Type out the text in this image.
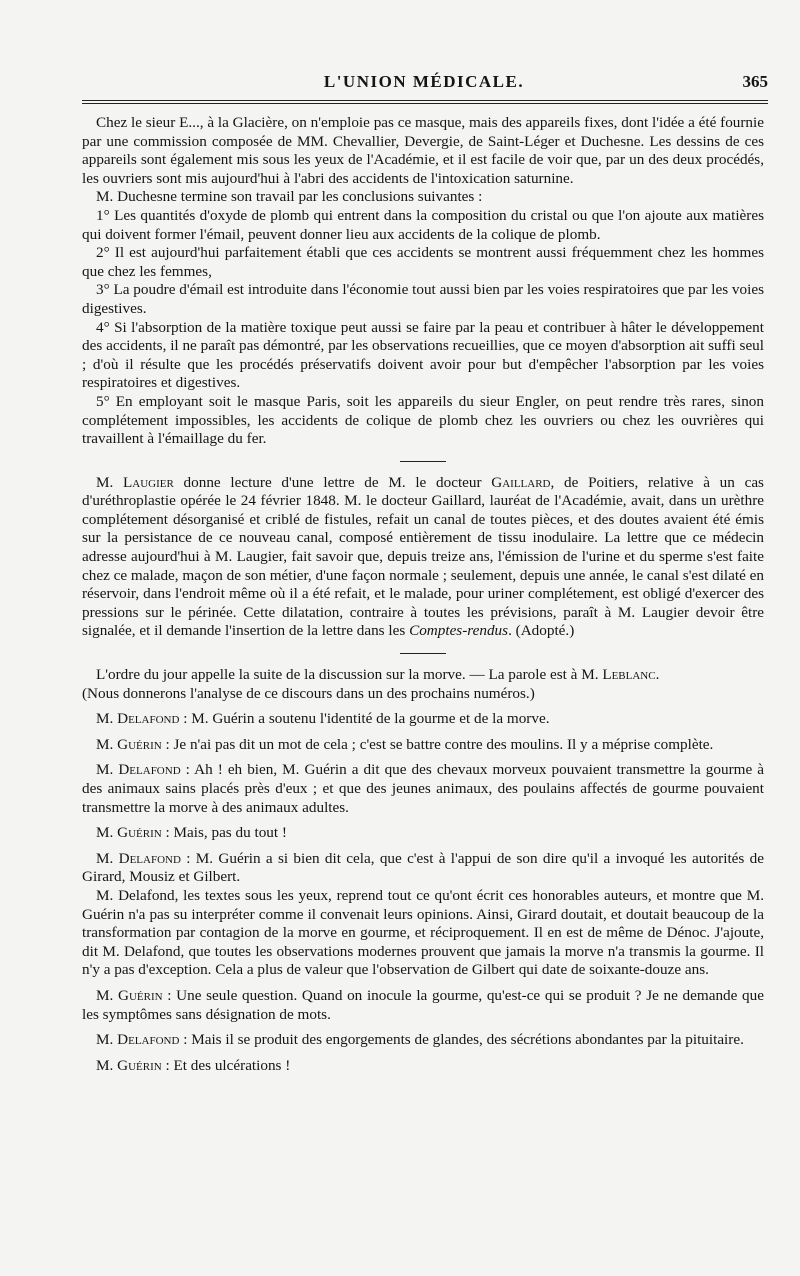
L'UNION MÉDICALE.	365

Chez le sieur E..., à la Glacière, on n'emploie pas ce masque, mais des appareils fixes, dont l'idée a été fournie par une commission composée de MM. Chevallier, Devergie, de Saint-Léger et Duchesne. Les dessins de ces appareils sont également mis sous les yeux de l'Académie, et il est facile de voir que, par un des deux procédés, les ouvriers sont mis aujourd'hui à l'abri des accidents de l'intoxication saturnine.

M. Duchesne termine son travail par les conclusions suivantes :

1° Les quantités d'oxyde de plomb qui entrent dans la composition du cristal ou que l'on ajoute aux matières qui doivent former l'émail, peuvent donner lieu aux accidents de la colique de plomb.

2° Il est aujourd'hui parfaitement établi que ces accidents se montrent aussi fréquemment chez les hommes que chez les femmes,

3° La poudre d'émail est introduite dans l'économie tout aussi bien par les voies respiratoires que par les voies digestives.

4° Si l'absorption de la matière toxique peut aussi se faire par la peau et contribuer à hâter le développement des accidents, il ne paraît pas démontré, par les observations recueillies, que ce moyen d'absorption ait suffi seul ; d'où il résulte que les procédés préservatifs doivent avoir pour but d'empêcher l'absorption par les voies respiratoires et digestives.

5° En employant soit le masque Paris, soit les appareils du sieur Engler, on peut rendre très rares, sinon complétement impossibles, les accidents de colique de plomb chez les ouvriers ou chez les ouvrières qui travaillent à l'émaillage du fer.

M. Laugier donne lecture d'une lettre de M. le docteur Gaillard, de Poitiers, relative à un cas d'uréthroplastie opérée le 24 février 1848. M. le docteur Gaillard, lauréat de l'Académie, avait, dans un urèthre complétement désorganisé et criblé de fistules, refait un canal de toutes pièces, et des doutes avaient été émis sur la persistance de ce nouveau canal, composé entièrement de tissu inodulaire. La lettre que ce médecin adresse aujourd'hui à M. Laugier, fait savoir que, depuis treize ans, l'émission de l'urine et du sperme s'est faite chez ce malade, maçon de son métier, d'une façon normale ; seulement, depuis une année, le canal s'est dilaté en réservoir, dans l'endroit même où il a été refait, et le malade, pour uriner complétement, est obligé d'exercer des pressions sur le périnée. Cette dilatation, contraire à toutes les prévisions, paraît à M. Laugier devoir être signalée, et il demande l'insertion de la lettre dans les Comptes-rendus. (Adopté.)

L'ordre du jour appelle la suite de la discussion sur la morve. — La parole est à M. Leblanc.
(Nous donnerons l'analyse de ce discours dans un des prochains numéros.)

M. Delafond : M. Guérin a soutenu l'identité de la gourme et de la morve.

M. Guérin : Je n'ai pas dit un mot de cela ; c'est se battre contre des moulins. Il y a méprise complète.

M. Delafond : Ah ! eh bien, M. Guérin a dit que des chevaux morveux pouvaient transmettre la gourme à des animaux sains placés près d'eux ; et que des jeunes animaux, des poulains affectés de gourme pouvaient transmettre la morve à des animaux adultes.

M. Guérin : Mais, pas du tout !

M. Delafond : M. Guérin a si bien dit cela, que c'est à l'appui de son dire qu'il a invoqué les autorités de Girard, Mousiz et Gilbert.

M. Delafond, les textes sous les yeux, reprend tout ce qu'ont écrit ces honorables auteurs, et montre que M. Guérin n'a pas su interpréter comme il convenait leurs opinions. Ainsi, Girard doutait, et doutait beaucoup de la transformation par contagion de la morve en gourme, et réciproquement. Il en est de même de Dénoc. J'ajoute, dit M. Delafond, que toutes les observations modernes prouvent que jamais la morve n'a transmis la gourme. Il n'y a pas d'exception. Cela a plus de valeur que l'observation de Gilbert qui date de soixante-douze ans.

M. Guérin : Une seule question. Quand on inocule la gourme, qu'est-ce qui se produit ? Je ne demande que les symptômes sans désignation de mots.

M. Delafond : Mais il se produit des engorgements de glandes, des sécrétions abondantes par la pituitaire.

M. Guérin : Et des ulcérations !
